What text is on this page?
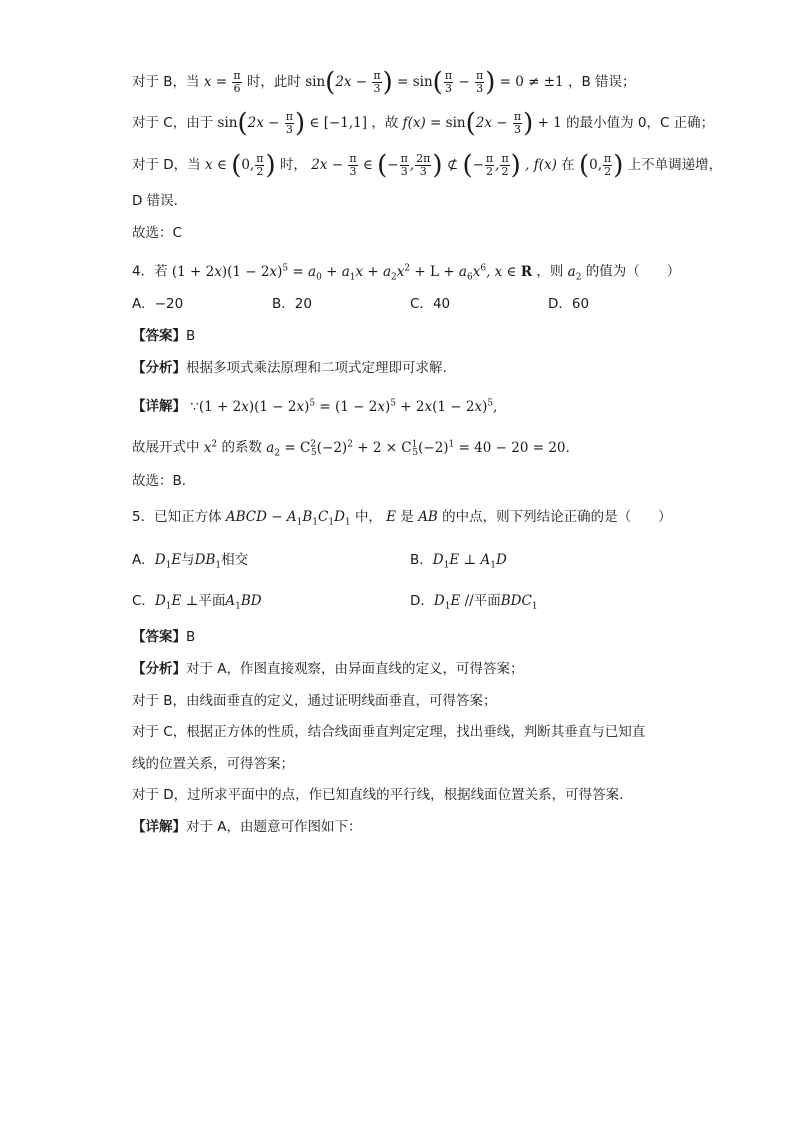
对于 B，当 $x = \frac{\pi}{6}$ 时，此时 $\sin(2x - \frac{\pi}{3}$ ) = $\sin( \frac{\pi}{3} - \frac{\pi}{3}$ ) = 0 ≠ ±1 ，B 错误；
对于 C，由于 $\sin(2x - \frac{\pi}{3}$ ) ∈ [−1,1] ，故 $f(x) = \sin(2x - \frac{\pi}{3}$ ) + 1 的最小值为 0，C 正确；
对于 D，当 x ∈ (0, $\frac{\pi}{2}$ ) 时， $2x - \frac{\pi}{3}$ ∈ (− $\frac{\pi}{3}$ , $\frac{2\pi}{3}$ ) ⊄ (− $\frac{\pi}{2}$ , $\frac{\pi}{2}$ ) , f(x) 在 (0, $\frac{\pi}{2}$ ) 上不单调递增，
D 错误.
故选：C
4．若 $(1 + 2x)(1 - 2x)^5 = a_0 + a_1x + a_2x^2 + L + a_6x^6$, x ∈ R ，则 $a_2$ 的值为（　　）
A．−20	B．20	C．40	D．60
【答案】B
【分析】根据多项式乘法原理和二项式定理即可求解.
【详解】 ∵(1 + $2x)(1 - 2x)^5 = (1 - 2x)^5 + 2x(1 - 2x)^5$,
故展开式中 $x^2$ 的系数 $a_2 = C^2_5(-2)^2 + 2 \times C^1_5(-2)^1 = 40 - 20 = 20$.
故选：B.
5．已知正方体 ABCD − $A_1B_1C_1D_1$ 中， E 是 AB 的中点，则下列结论正确的是（　　）
A．$D_1E$与$DB_1$相交	B．$D_1E$ ⊥ $A_1D$
C．$D_1E$ ⊥平面$A_1BD$	D．$D_1E$ //平面$BDC_1$
【答案】B
【分析】对于 A，作图直接观察，由异面直线的定义，可得答案；
对于 B，由线面垂直的定义，通过证明线面垂直，可得答案；
对于 C，根据正方体的性质，结合线面垂直判定定理，找出垂线，判断其垂直与已知直
线的位置关系，可得答案；
对于 D，过所求平面中的点，作已知直线的平行线，根据线面位置关系，可得答案.
【详解】对于 A，由题意可作图如下：
